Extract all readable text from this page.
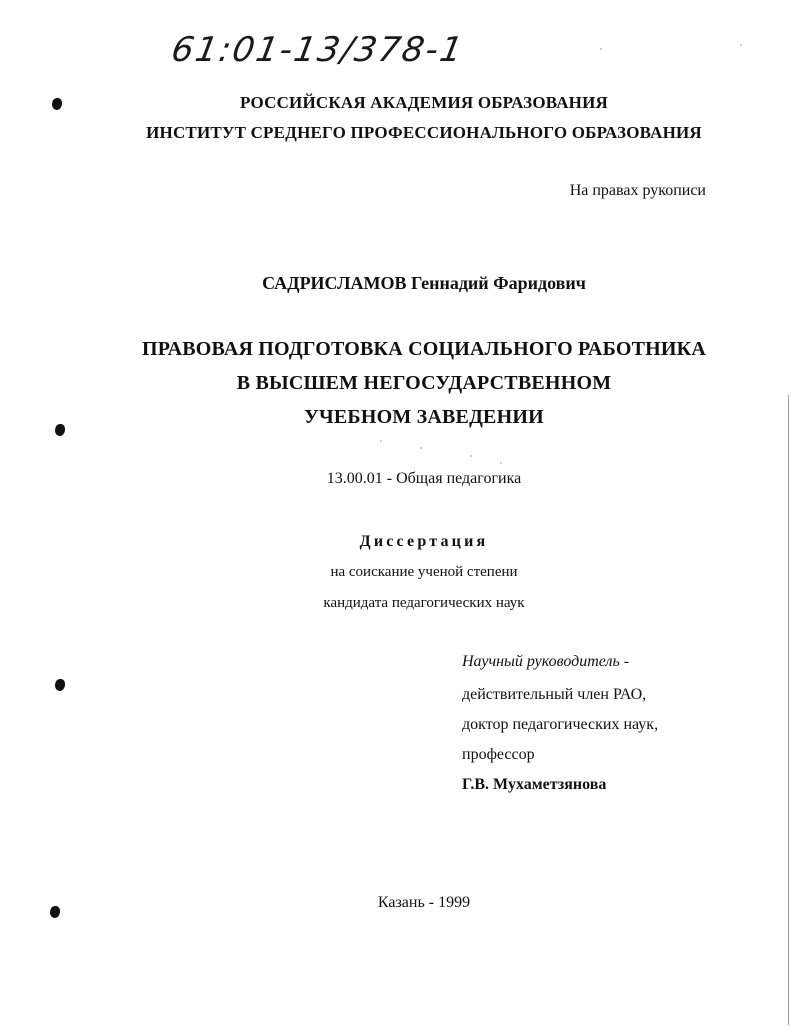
61:01-13/378-1
РОССИЙСКАЯ АКАДЕМИЯ ОБРАЗОВАНИЯ
ИНСТИТУТ СРЕДНЕГО ПРОФЕССИОНАЛЬНОГО ОБРАЗОВАНИЯ
На правах рукописи
САДРИСЛАМОВ Геннадий Фаридович
ПРАВОВАЯ ПОДГОТОВКА СОЦИАЛЬНОГО РАБОТНИКА
В ВЫСШЕМ НЕГОСУДАРСТВЕННОМ
УЧЕБНОМ ЗАВЕДЕНИИ
13.00.01 - Общая педагогика
Диссертация
на соискание ученой степени
кандидата педагогических наук
Научный руководитель -
действительный член РАО,
доктор педагогических наук,
профессор
Г.В. Мухаметзянова
Казань - 1999
